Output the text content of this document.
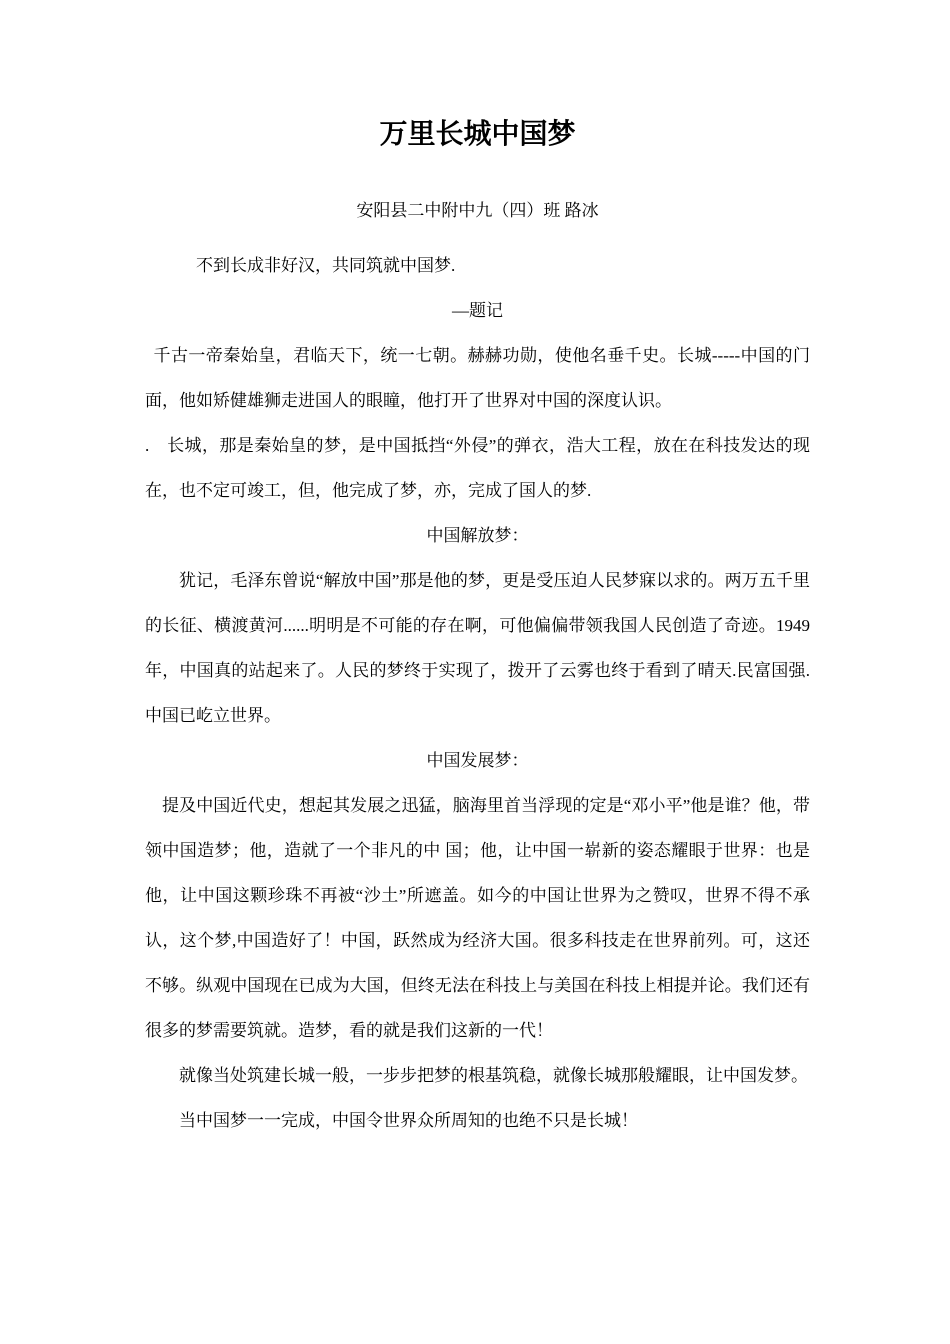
万里长城中国梦

安阳县二中附中九（四）班 路冰

不到长成非好汉，共同筑就中国梦.

—题记

千古一帝秦始皇，君临天下，统一七朝。赫赫功勋，使他名垂千史。长城-----中国的门面，他如矫健雄狮走进国人的眼瞳，他打开了世界对中国的深度认识。

.　长城，那是秦始皇的梦，是中国抵挡“外侵”的弹衣，浩大工程，放在在科技发达的现在，也不定可竣工，但，他完成了梦，亦，完成了国人的梦.

中国解放梦：

犹记，毛泽东曾说“解放中国”那是他的梦，更是受压迫人民梦寐以求的。两万五千里的长征、横渡黄河......明明是不可能的存在啊，可他偏偏带领我国人民创造了奇迹。1949 年，中国真的站起来了。人民的梦终于实现了，拨开了云雾也终于看到了晴天.民富国强.中国已屹立世界。

中国发展梦：

提及中国近代史，想起其发展之迅猛，脑海里首当浮现的定是“邓小平”他是谁？他，带领中国造梦；他，造就了一个非凡的中 国；他，让中国一崭新的姿态耀眼于世界：也是他，让中国这颗珍珠不再被“沙土”所遮盖。如今的中国让世界为之赞叹，世界不得不承认，这个梦,中国造好了！中国，跃然成为经济大国。很多科技走在世界前列。可，这还不够。纵观中国现在已成为大国，但终无法在科技上与美国在科技上相提并论。我们还有很多的梦需要筑就。造梦，看的就是我们这新的一代！

就像当处筑建长城一般，一步步把梦的根基筑稳，就像长城那般耀眼，让中国发梦。

当中国梦一一完成，中国令世界众所周知的也绝不只是长城！
